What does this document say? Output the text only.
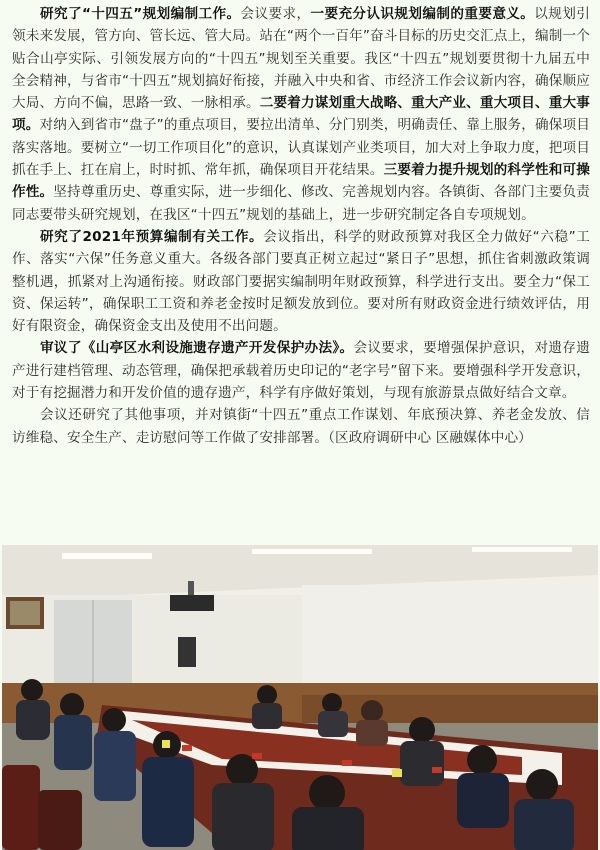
研究了“十四五”规划编制工作。会议要求，一要充分认识规划编制的重要意义。以规划引领未来发展，管方向、管长远、管大局。站在“两个一百年”奋斗目标的历史交汇点上，编制一个贴合山亭实际、引领发展方向的“十四五”规划至关重要。我区“十四五”规划要贯彻十九届五中全会精神，与省市“十四五”规划搞好衔接，并融入中央和省、市经济工作会议新内容，确保顺应大局、方向不偏，思路一致、一脉相承。二要着力谋划重大战略、重大产业、重大项目、重大事项。对纳入到省市“盘子”的重点项目，要拉出清单、分门别类，明确责任、靠上服务，确保项目落实落地。要树立“一切工作项目化”的意识，认真谋划产业类项目，加大对上争取力度，把项目抓在手上、扛在肩上，时时抓、常年抓，确保项目开花结果。三要着力提升规划的科学性和可操作性。坚持尊重历史、尊重实际，进一步细化、修改、完善规划内容。各镇街、各部门主要负责同志要带头研究规划，在我区“十四五”规划的基础上，进一步研究制定各自专项规划。

研究了2021年预算编制有关工作。会议指出，科学的财政预算对我区全力做好“六稳”工作、落实“六保”任务意义重大。各级各部门要真正树立起过“紧日子”思想，抓住省刺激政策调整机遇，抓紧对上沟通衔接。财政部门要据实编制明年财政预算，科学进行支出。要全力“保工资、保运转”，确保职工工资和养老金按时足额发放到位。要对所有财政资金进行绩效评估，用好有限资金，确保资金支出及使用不出问题。

审议了《山亭区水利设施遗存遗产开发保护办法》。会议要求，要增强保护意识，对遗存遗产进行建档管理、动态管理，确保把承载着历史印记的“老字号”留下来。要增强科学开发意识，对于有挖掘潜力和开发价值的遗存遗产，科学有序做好策划，与现有旅游景点做好结合文章。

会议还研究了其他事项，并对镇街“十四五”重点工作谋划、年底预决算、养老金发放、信访维稳、安全生产、走访慰问等工作做了安排部署。（区政府调研中心 区融媒体中心）
